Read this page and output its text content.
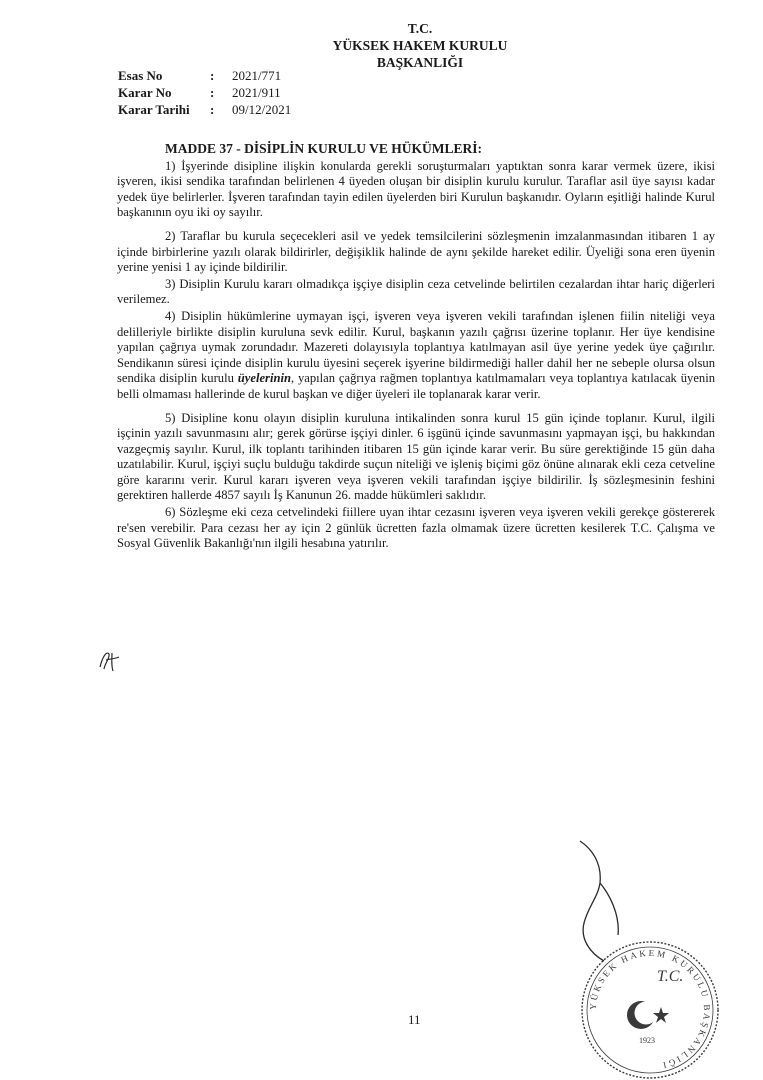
T.C.
YÜKSEK HAKEM KURULU
BAŞKANLIĞI
Esas No	:	2021/771
Karar No	:	2021/911
Karar Tarihi	:	09/12/2021
MADDE 37 - DİSİPLİN KURULU VE HÜKÜMLERİ:

1) İşyerinde disipline ilişkin konularda gerekli soruşturmaları yaptıktan sonra karar vermek üzere, ikisi işveren, ikisi sendika tarafından belirlenen 4 üyeden oluşan bir disiplin kurulu kurulur. Taraflar asil üye sayısı kadar yedek üye belirlerler. İşveren tarafından tayin edilen üyelerden biri Kurulun başkanıdır. Oyların eşitliği halinde Kurul başkanının oyu iki oy sayılır.

2) Taraflar bu kurula seçecekleri asil ve yedek temsilcilerini sözleşmenin imzalanmasından itibaren 1 ay içinde birbirlerine yazılı olarak bildirirler, değişiklik halinde de aynı şekilde hareket edilir. Üyeliği sona eren üyenin yerine yenisi 1 ay içinde bildirilir.

3) Disiplin Kurulu kararı olmadıkça işçiye disiplin ceza cetvelinde belirtilen cezalardan ihtar hariç diğerleri verilemez.

4) Disiplin hükümlerine uymayan işçi, işveren veya işveren vekili tarafından işlenen fiilin niteliği veya delilleriyle birlikte disiplin kuruluna sevk edilir. Kurul, başkanın yazılı çağrısı üzerine toplanır. Her üye kendisine yapılan çağrıya uymak zorundadır. Mazereti dolayısıyla toplantıya katılmayan asil üye yerine yedek üye çağırılır. Sendikanın süresi içinde disiplin kurulu üyesini seçerek işyerine bildirmediği haller dahil her ne sebeple olursa olsun sendika disiplin kurulu üyelerinin, yapılan çağrıya rağmen toplantıya katılmamaları veya toplantıya katılacak üyenin belli olmaması hallerinde de kurul başkan ve diğer üyeleri ile toplanarak karar verir.

5) Disipline konu olayın disiplin kuruluna intikalinden sonra kurul 15 gün içinde toplanır. Kurul, ilgili işçinin yazılı savunmasını alır; gerek görürse işçiyi dinler. 6 işgünü içinde savunmasını yapmayan işçi, bu hakkından vazgeçmiş sayılır. Kurul, ilk toplantı tarihinden itibaren 15 gün içinde karar verir. Bu süre gerektiğinde 15 gün daha uzatılabilir. Kurul, işçiyi suçlu bulduğu takdirde suçun niteliği ve işleniş biçimi göz önüne alınarak ekli ceza cetveline göre kararını verir. Kurul kararı işveren veya işveren vekili tarafından işçiye bildirilir. İş sözleşmesinin feshini gerektiren hallerde 4857 sayılı İş Kanunun 26. madde hükümleri saklıdır.

6) Sözleşme eki ceza cetvelindeki fiillere uyan ihtar cezasını işveren veya işveren vekili gerekçe göstererek re'sen verebilir. Para cezası her ay için 2 günlük ücretten fazla olmamak üzere ücretten kesilerek T.C. Çalışma ve Sosyal Güvenlik Bakanlığı'nın ilgili hesabına yatırılır.

YÜKSEK HAKEM KURULU BAŞKANLIĞI
T.C.
1923
11
